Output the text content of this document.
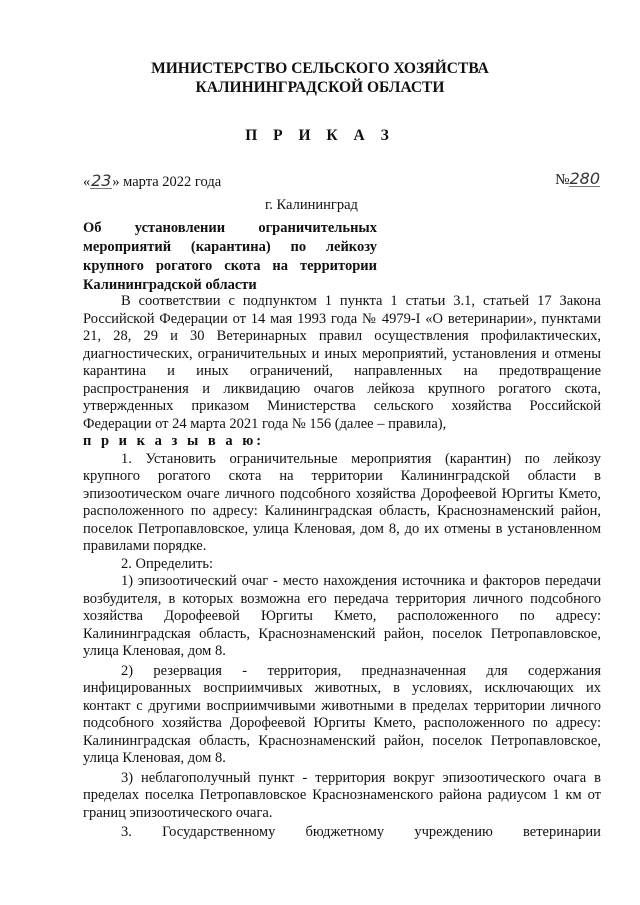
МИНИСТЕРСТВО СЕЛЬСКОГО ХОЗЯЙСТВА
КАЛИНИНГРАДСКОЙ ОБЛАСТИ
П Р И К А З
«23» марта 2022 года	№280
г. Калининград
Об установлении ограничительных мероприятий (карантина) по лейкозу крупного рогатого скота на территории Калининградской области

В соответствии с подпунктом 1 пункта 1 статьи 3.1, статьей 17 Закона Российской Федерации от 14 мая 1993 года № 4979-I «О ветеринарии», пунктами 21, 28, 29 и 30 Ветеринарных правил осуществления профилактических, диагностических, ограничительных и иных мероприятий, установления и отмены карантина и иных ограничений, направленных на предотвращение распространения и ликвидацию очагов лейкоза крупного рогатого скота, утвержденных приказом Министерства сельского хозяйства Российской Федерации от 24 марта 2021 года № 156 (далее – правила),

п р и к а з ы в а ю:

1. Установить ограничительные мероприятия (карантин) по лейкозу крупного рогатого скота на территории Калининградской области в эпизоотическом очаге личного подсобного хозяйства Дорофеевой Юргиты Кмето, расположенного по адресу: Калининградская область, Краснознаменский район, поселок Петропавловское, улица Кленовая, дом 8, до их отмены в установленном правилами порядке.

2. Определить:

1) эпизоотический очаг - место нахождения источника и факторов передачи возбудителя, в которых возможна его передача территория личного подсобного хозяйства Дорофеевой Юргиты Кмето, расположенного по адресу: Калининградская область, Краснознаменский район, поселок Петропавловское, улица Кленовая, дом 8.

2) резервация - территория, предназначенная для содержания инфицированных восприимчивых животных, в условиях, исключающих их контакт с другими восприимчивыми животными в пределах территории личного подсобного хозяйства Дорофеевой Юргиты Кмето, расположенного по адресу: Калининградская область, Краснознаменский район, поселок Петропавловское, улица Кленовая, дом 8.

3) неблагополучный пункт - территория вокруг эпизоотического очага в пределах поселка Петропавловское Краснознаменского района радиусом 1 км от границ эпизоотического очага.

3. Государственному бюджетному учреждению ветеринарии
